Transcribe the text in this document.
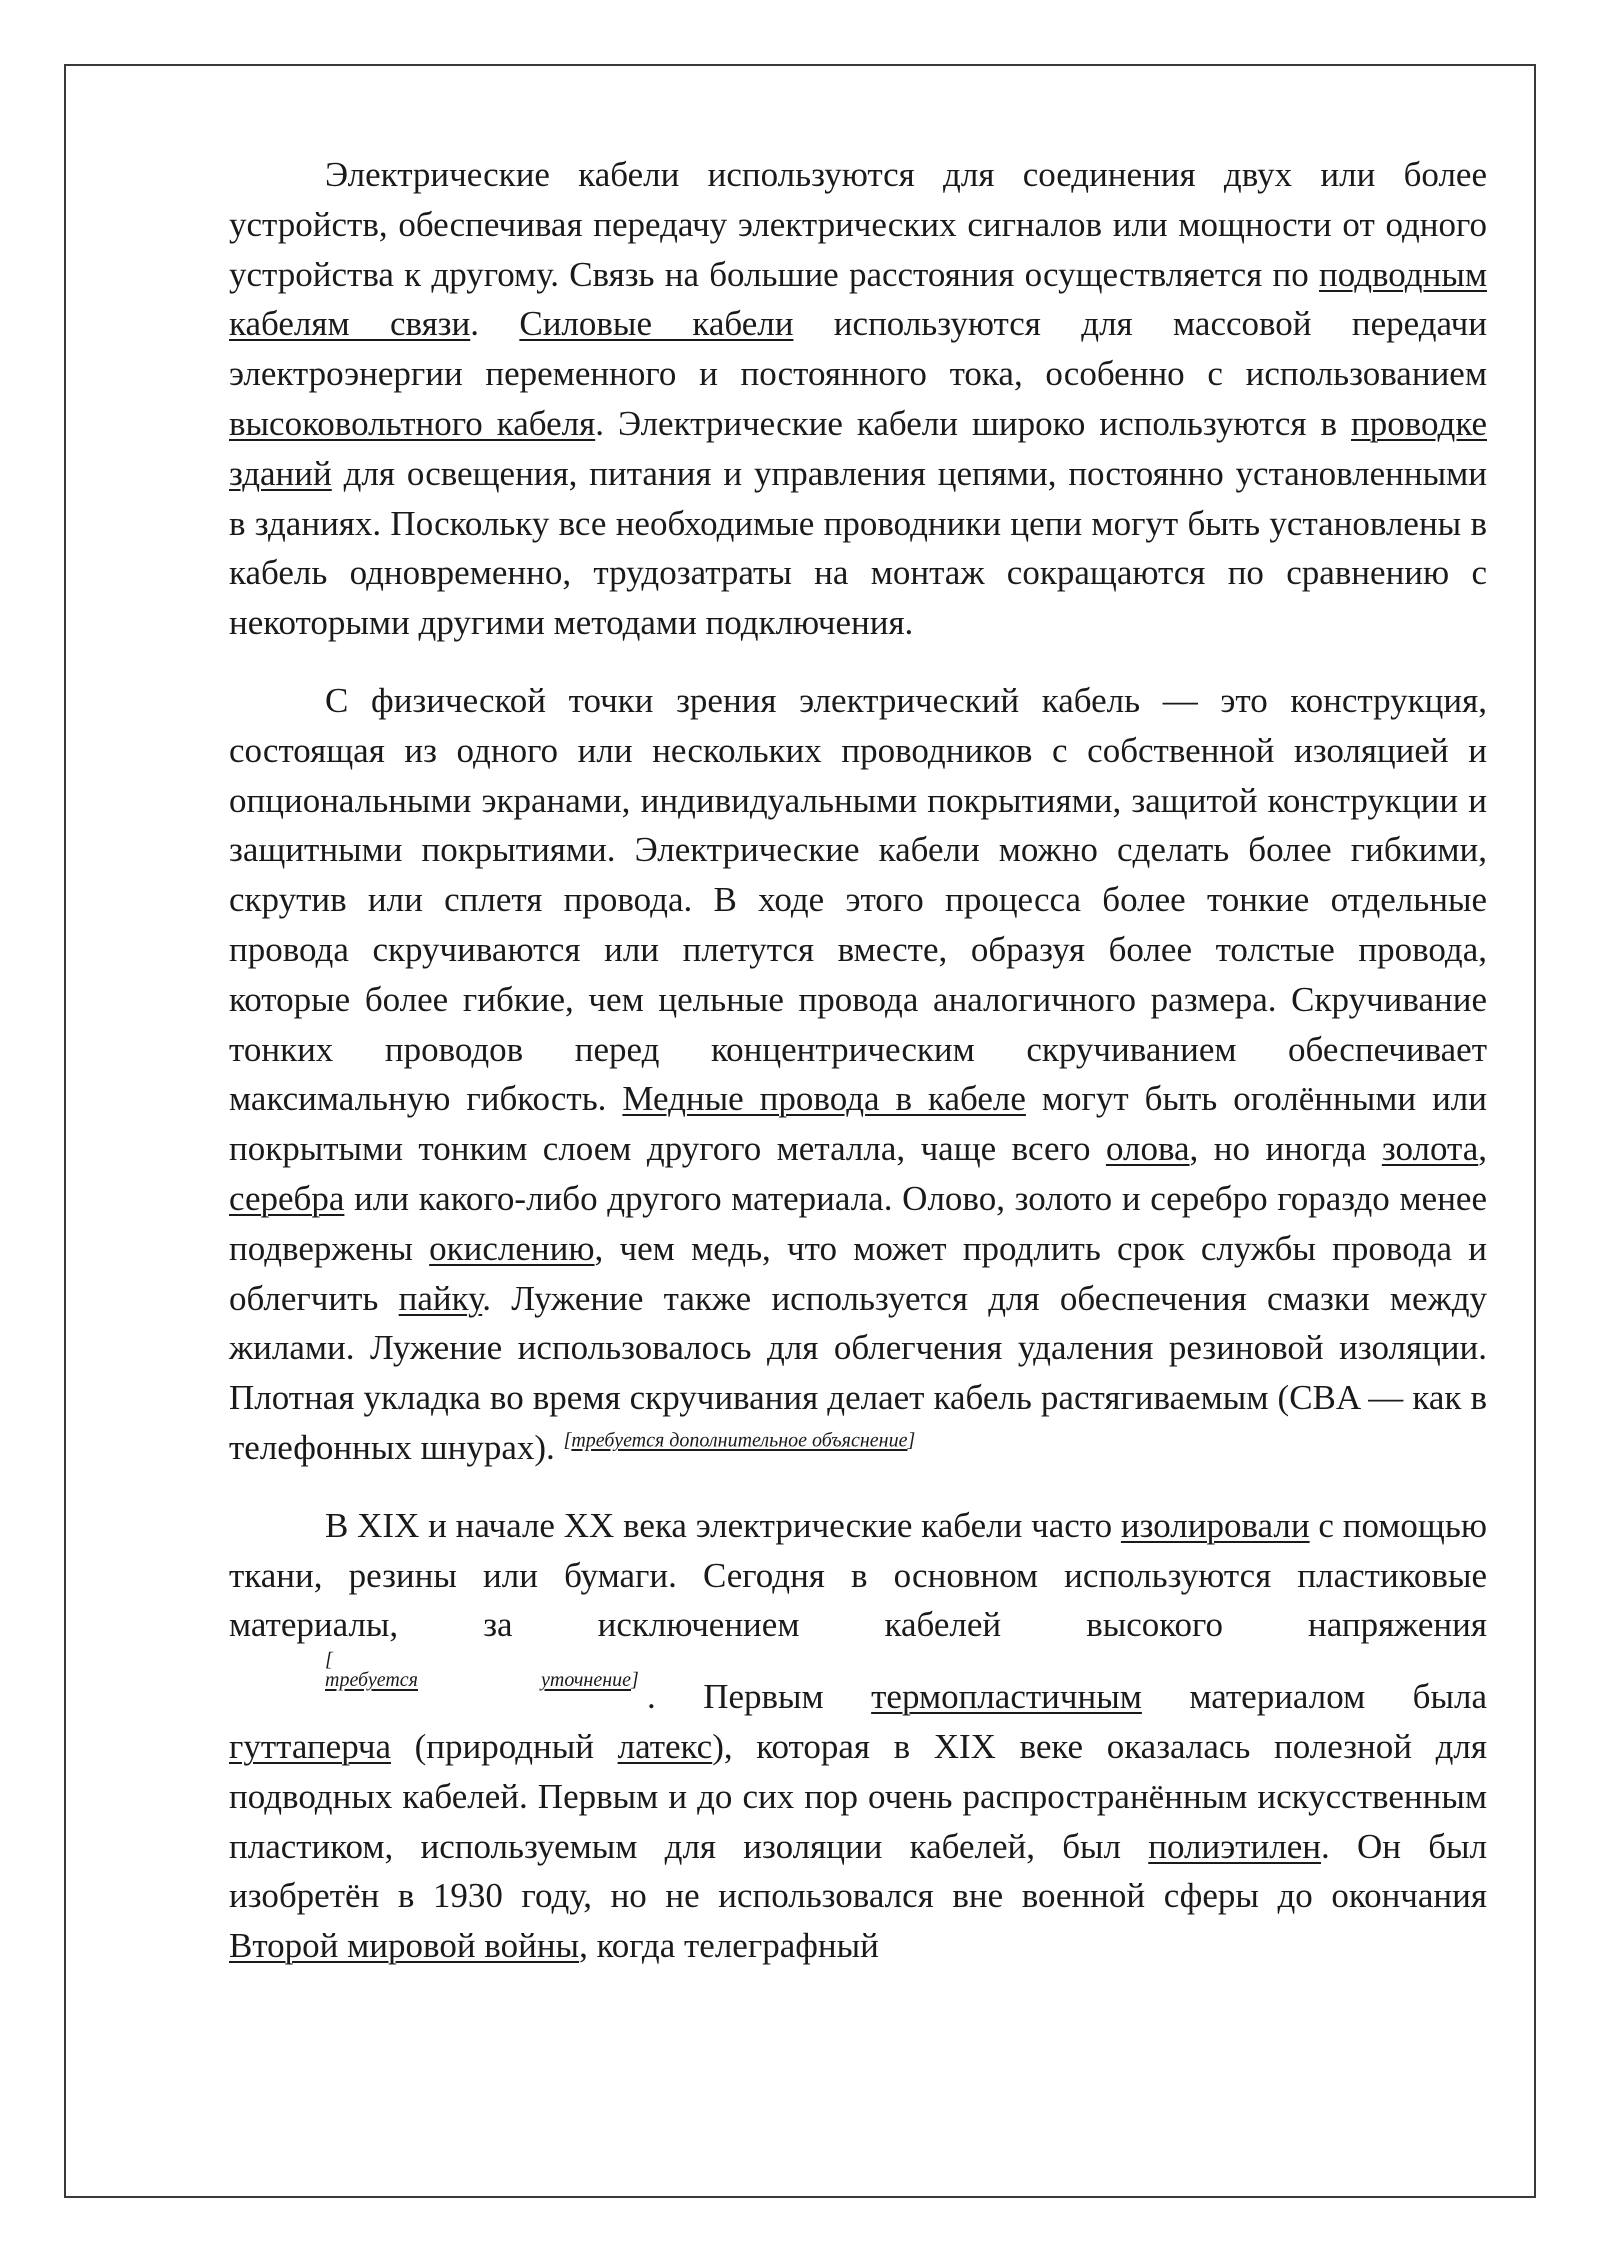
Электрические кабели используются для соединения двух или более устройств, обеспечивая передачу электрических сигналов или мощности от одного устройства к другому. Связь на большие расстояния осуществляется по подводным кабелям связи. Силовые кабели используются для массовой передачи электроэнергии переменного и постоянного тока, особенно с использованием высоковольтного кабеля. Электрические кабели широко используются в проводке зданий для освещения, питания и управления цепями, постоянно установленными в зданиях. Поскольку все необходимые проводники цепи могут быть установлены в кабель одновременно, трудозатраты на монтаж сокращаются по сравнению с некоторыми другими методами подключения.

С физической точки зрения электрический кабель — это конструкция, состоящая из одного или нескольких проводников с собственной изоляцией и опциональными экранами, индивидуальными покрытиями, защитой конструкции и защитными покрытиями. Электрические кабели можно сделать более гибкими, скрутив или сплетя провода. В ходе этого процесса более тонкие отдельные провода скручиваются или плетутся вместе, образуя более толстые провода, которые более гибкие, чем цельные провода аналогичного размера. Скручивание тонких проводов перед концентрическим скручиванием обеспечивает максимальную гибкость. Медные провода в кабеле могут быть оголёнными или покрытыми тонким слоем другого металла, чаще всего олова, но иногда золота, серебра или какого-либо другого материала. Олово, золото и серебро гораздо менее подвержены окислению, чем медь, что может продлить срок службы провода и облегчить пайку. Лужение также используется для обеспечения смазки между жилами. Лужение использовалось для облегчения удаления резиновой изоляции. Плотная укладка во время скручивания делает кабель растягиваемым (CBA — как в телефонных шнурах). [требуется дополнительное объяснение]

В XIX и начале XX века электрические кабели часто изолировали с помощью ткани, резины или бумаги. Сегодня в основном используются пластиковые материалы, за исключением кабелей высокого напряжения[
требуется	уточнение ] . Первым термопластичным материалом была гуттаперча (природный латекс), которая в XIX веке оказалась полезной для подводных кабелей. Первым и до сих пор очень распространённым искусственным пластиком, используемым для изоляции кабелей, был полиэтилен. Он был изобретён в 1930 году, но не использовался вне военной сферы до окончания Второй мировой войны, когда телеграфный
